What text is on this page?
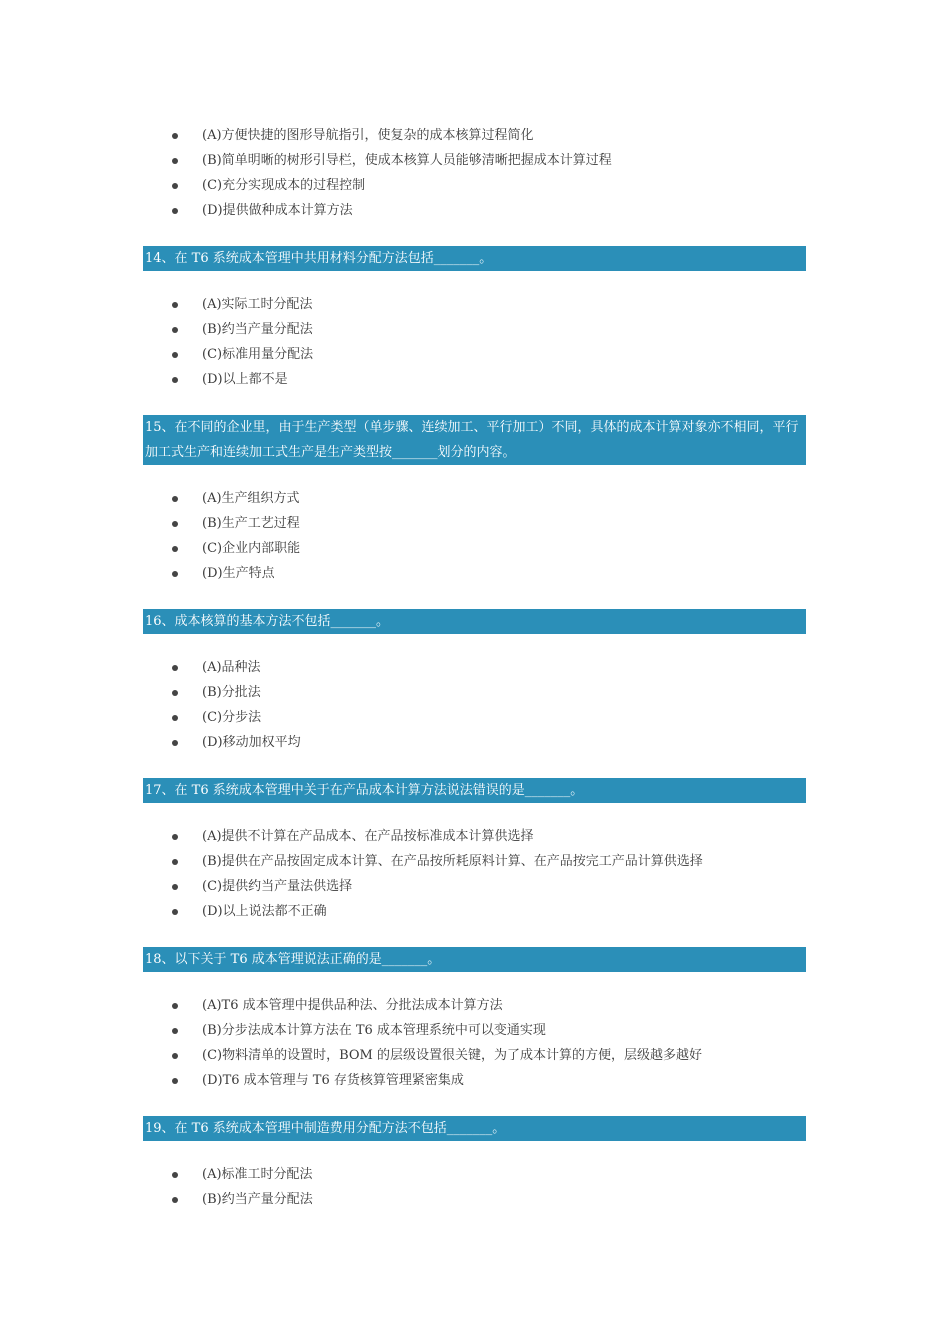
(A)方便快捷的图形导航指引，使复杂的成本核算过程简化
(B)简单明晰的树形引导栏，使成本核算人员能够清晰把握成本计算过程
(C)充分实现成本的过程控制
(D)提供做种成本计算方法
14、在 T6 系统成本管理中共用材料分配方法包括_______。
(A)实际工时分配法
(B)约当产量分配法
(C)标准用量分配法
(D)以上都不是
15、在不同的企业里，由于生产类型（单步骤、连续加工、平行加工）不同，具体的成本计算对象亦不相同，平行加工式生产和连续加工式生产是生产类型按_______划分的内容。
(A)生产组织方式
(B)生产工艺过程
(C)企业内部职能
(D)生产特点
16、成本核算的基本方法不包括_______。
(A)品种法
(B)分批法
(C)分步法
(D)移动加权平均
17、在 T6 系统成本管理中关于在产品成本计算方法说法错误的是_______。
(A)提供不计算在产品成本、在产品按标准成本计算供选择
(B)提供在产品按固定成本计算、在产品按所耗原料计算、在产品按完工产品计算供选择
(C)提供约当产量法供选择
(D)以上说法都不正确
18、以下关于 T6 成本管理说法正确的是_______。
(A)T6 成本管理中提供品种法、分批法成本计算方法
(B)分步法成本计算方法在 T6 成本管理系统中可以变通实现
(C)物料清单的设置时，BOM 的层级设置很关键，为了成本计算的方便，层级越多越好
(D)T6 成本管理与 T6 存货核算管理紧密集成
19、在 T6 系统成本管理中制造费用分配方法不包括_______。
(A)标准工时分配法
(B)约当产量分配法
